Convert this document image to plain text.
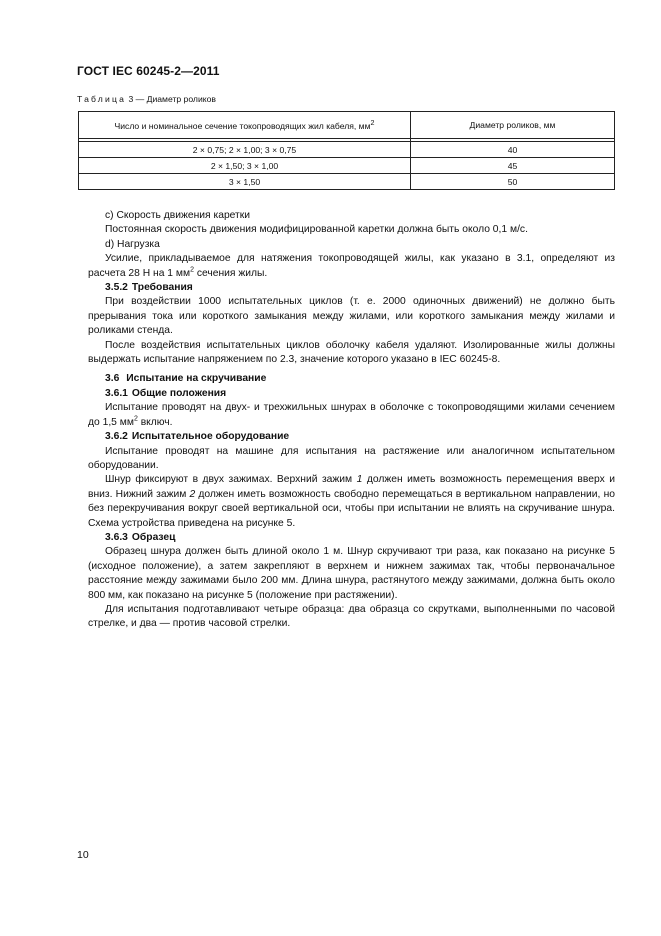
ГОСТ IEC 60245-2—2011
Таблица 3 — Диаметр роликов
Число и номинальное сечение токопроводящих жил кабеля, $мм^2$	Диаметр роликов, мм

2 × 0,75; 2 × 1,00; 3 × 0,75	40
2 × 1,50; 3 × 1,00	45
3 × 1,50	50

c) Скорость движения каретки

Постоянная скорость движения модифицированной каретки должна быть около 0,1 м/с.

d) Нагрузка

Усилие, прикладываемое для натяжения токопроводящей жилы, как указано в 3.1, определяют из расчета 28 Н на 1 $мм^2$ сечения жилы.

3.5.2 Требования

При воздействии 1000 испытательных циклов (т. е. 2000 одиночных движений) не должно быть прерывания тока или короткого замыкания между жилами, или короткого замыкания между жилами и роликами стенда.

После воздействия испытательных циклов оболочку кабеля удаляют. Изолированные жилы должны выдержать испытание напряжением по 2.3, значение которого указано в IEC 60245-8.

3.6 Испытание на скручивание

3.6.1 Общие положения

Испытание проводят на двух- и трехжильных шнурах в оболочке с токопроводящими жилами сечением до 1,5 $мм^2$ включ.

3.6.2 Испытательное оборудование

Испытание проводят на машине для испытания на растяжение или аналогичном испытательном оборудовании.

Шнур фиксируют в двух зажимах. Верхний зажим 1 должен иметь возможность перемещения вверх и вниз. Нижний зажим 2 должен иметь возможность свободно перемещаться в вертикальном направлении, но без перекручивания вокруг своей вертикальной оси, чтобы при испытании не влиять на скручивание шнура. Схема устройства приведена на рисунке 5.

3.6.3 Образец

Образец шнура должен быть длиной около 1 м. Шнур скручивают три раза, как показано на рисунке 5 (исходное положение), а затем закрепляют в верхнем и нижнем зажимах так, чтобы первоначальное расстояние между зажимами было 200 мм. Длина шнура, растянутого между зажимами, должна быть около 800 мм, как показано на рисунке 5 (положение при растяжении).

Для испытания подготавливают четыре образца: два образца со скрутками, выполненными по часовой стрелке, и два — против часовой стрелки.

10
